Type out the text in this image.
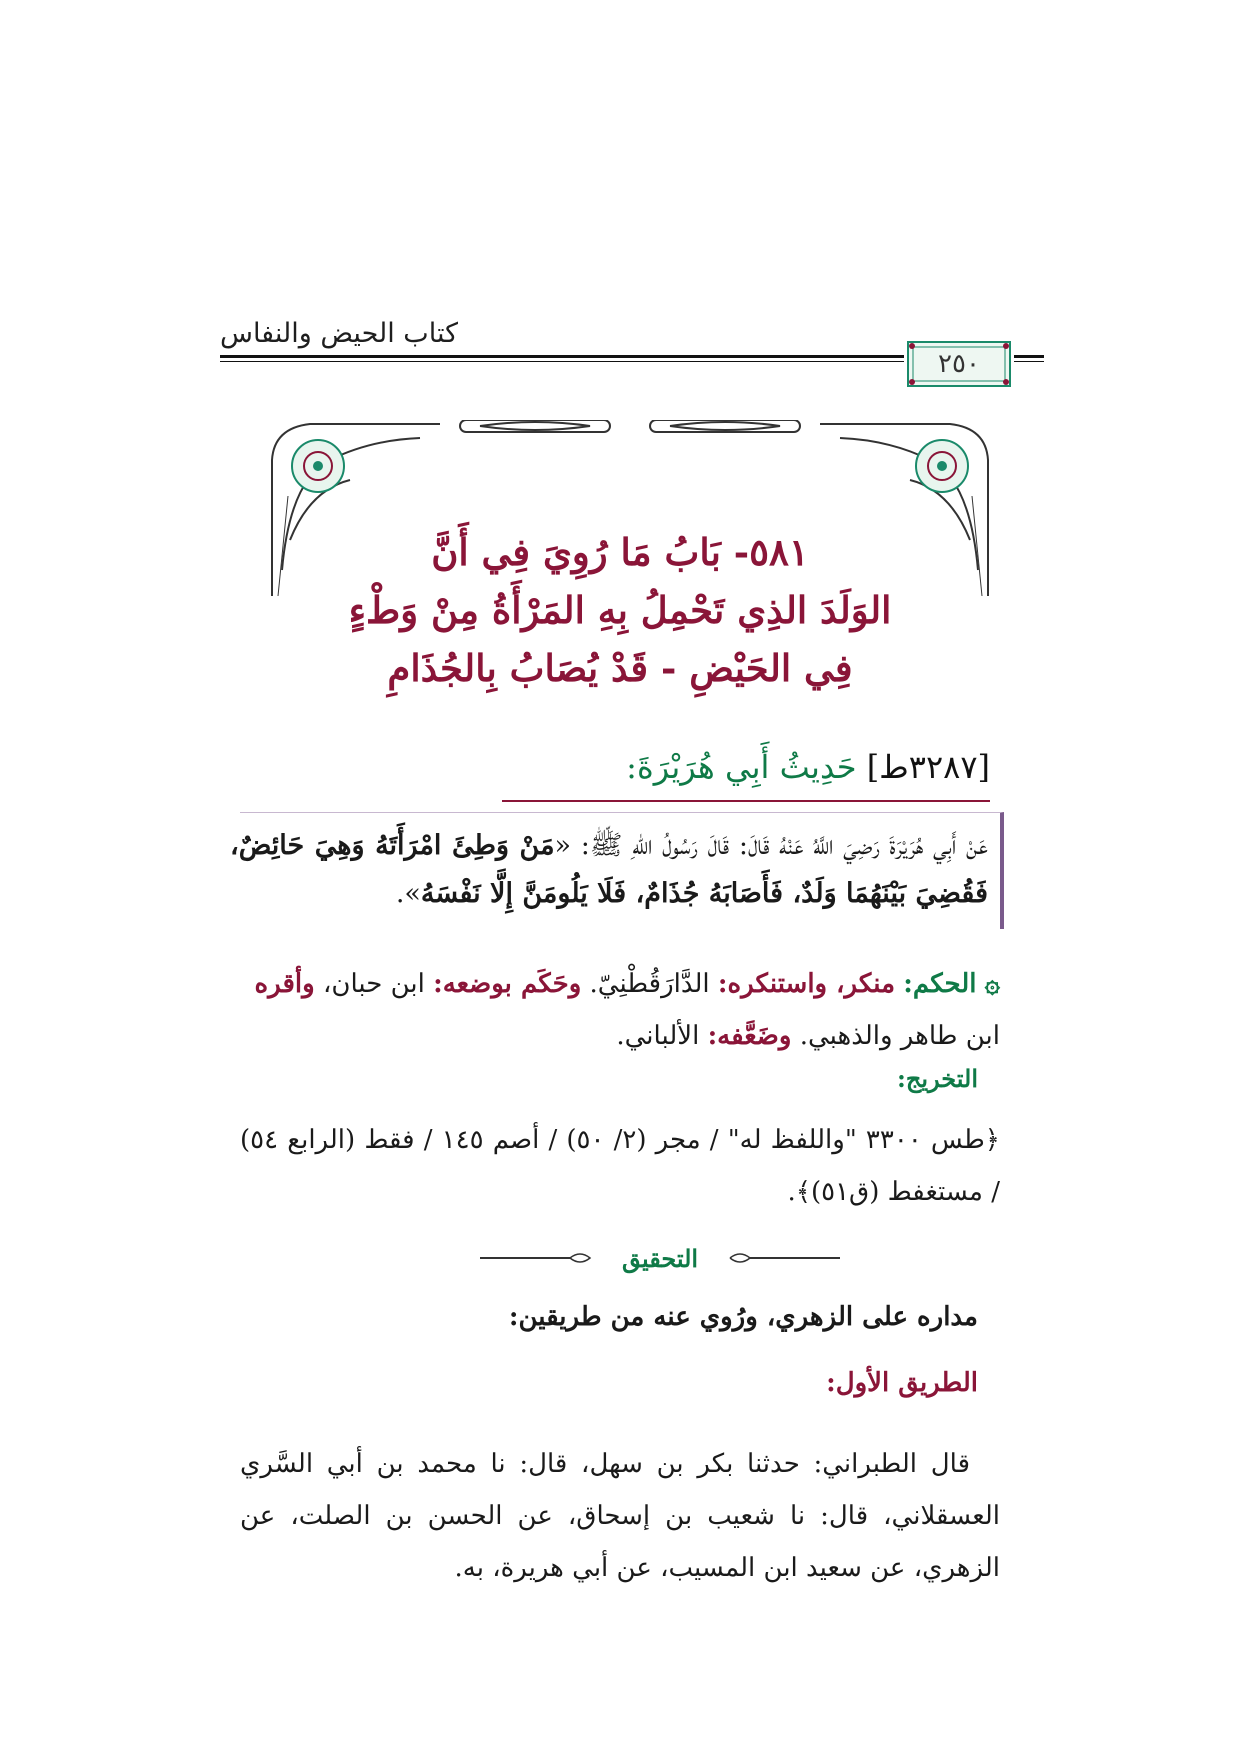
كتاب الحيض والنفاس
٢٥٠
٥٨١- بَابُ مَا رُوِيَ فِي أَنَّ
الوَلَدَ الذِي تَحْمِلُ بِهِ المَرْأَةُ مِنْ وَطْءٍ
فِي الحَيْضِ - قَدْ يُصَابُ بِالجُذَامِ
[٣٢٨٧ط] حَدِيثُ أَبِي هُرَيْرَةَ:
عَنْ أَبِي هُرَيْرَةَ رَضِيَ اللَّهُ عَنْهُ قَالَ: قَالَ رَسُولُ اللهِ ﷺ: «مَنْ وَطِئَ امْرَأَتَهُ وَهِيَ حَائِضٌ، فَقُضِيَ بَيْنَهُمَا وَلَدٌ، فَأَصَابَهُ جُذَامٌ، فَلَا يَلُومَنَّ إِلَّا نَفْسَهُ».
۞ الحكم: منكر، واستنكره: الدَّارَقُطْنِيّ. وحَكَم بوضعه: ابن حبان، وأقره ابن طاهر والذهبي. وضَعَّفه: الألباني.
التخريج:
﴿طس ٣٣٠٠ "واللفظ له" / مجر (٢/ ٥٠) / أصم ١٤٥ / فقط (الرابع ٥٤) / مستغفط (ق٥١)﴾.
التحقيق
مداره على الزهري، ورُوي عنه من طريقين:
الطريق الأول:
قال الطبراني: حدثنا بكر بن سهل، قال: نا محمد بن أبي السَّري العسقلاني، قال: نا شعيب بن إسحاق، عن الحسن بن الصلت، عن الزهري، عن سعيد ابن المسيب، عن أبي هريرة، به.
